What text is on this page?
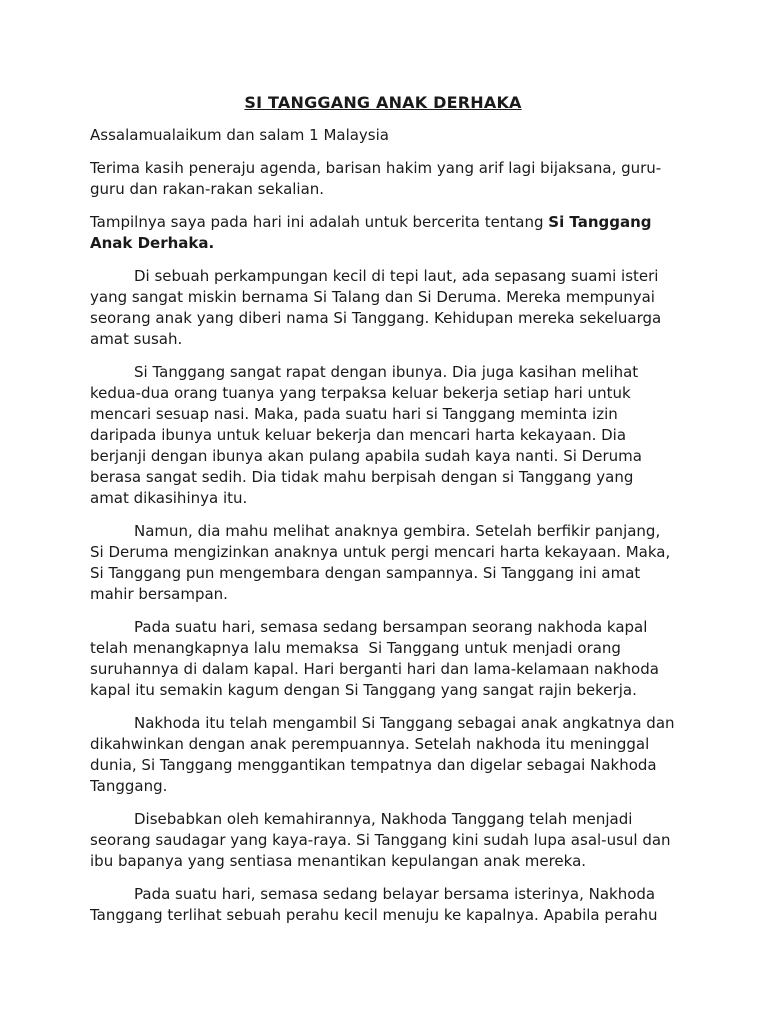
SI TANGGANG ANAK DERHAKA

Assalamualaikum dan salam 1 Malaysia

Terima kasih peneraju agenda, barisan hakim yang arif lagi bijaksana, guru-guru dan rakan-rakan sekalian.

Tampilnya saya pada hari ini adalah untuk bercerita tentang Si Tanggang Anak Derhaka.

Di sebuah perkampungan kecil di tepi laut, ada sepasang suami isteri yang sangat miskin bernama Si Talang dan Si Deruma. Mereka mempunyai seorang anak yang diberi nama Si Tanggang. Kehidupan mereka sekeluarga amat susah.

Si Tanggang sangat rapat dengan ibunya. Dia juga kasihan melihat kedua-dua orang tuanya yang terpaksa keluar bekerja setiap hari untuk mencari sesuap nasi. Maka, pada suatu hari si Tanggang meminta izin daripada ibunya untuk keluar bekerja dan mencari harta kekayaan. Dia berjanji dengan ibunya akan pulang apabila sudah kaya nanti. Si Deruma berasa sangat sedih. Dia tidak mahu berpisah dengan si Tanggang yang amat dikasihinya itu.

Namun, dia mahu melihat anaknya gembira. Setelah berfikir panjang, Si Deruma mengizinkan anaknya untuk pergi mencari harta kekayaan. Maka, Si Tanggang pun mengembara dengan sampannya. Si Tanggang ini amat mahir bersampan.

Pada suatu hari, semasa sedang bersampan seorang nakhoda kapal telah menangkapnya lalu memaksa  Si Tanggang untuk menjadi orang suruhannya di dalam kapal. Hari berganti hari dan lama-kelamaan nakhoda kapal itu semakin kagum dengan Si Tanggang yang sangat rajin bekerja.

Nakhoda itu telah mengambil Si Tanggang sebagai anak angkatnya dan dikahwinkan dengan anak perempuannya. Setelah nakhoda itu meninggal dunia, Si Tanggang menggantikan tempatnya dan digelar sebagai Nakhoda Tanggang.

Disebabkan oleh kemahirannya, Nakhoda Tanggang telah menjadi seorang saudagar yang kaya-raya. Si Tanggang kini sudah lupa asal-usul dan ibu bapanya yang sentiasa menantikan kepulangan anak mereka.

Pada suatu hari, semasa sedang belayar bersama isterinya, Nakhoda Tanggang terlihat sebuah perahu kecil menuju ke kapalnya. Apabila perahu
